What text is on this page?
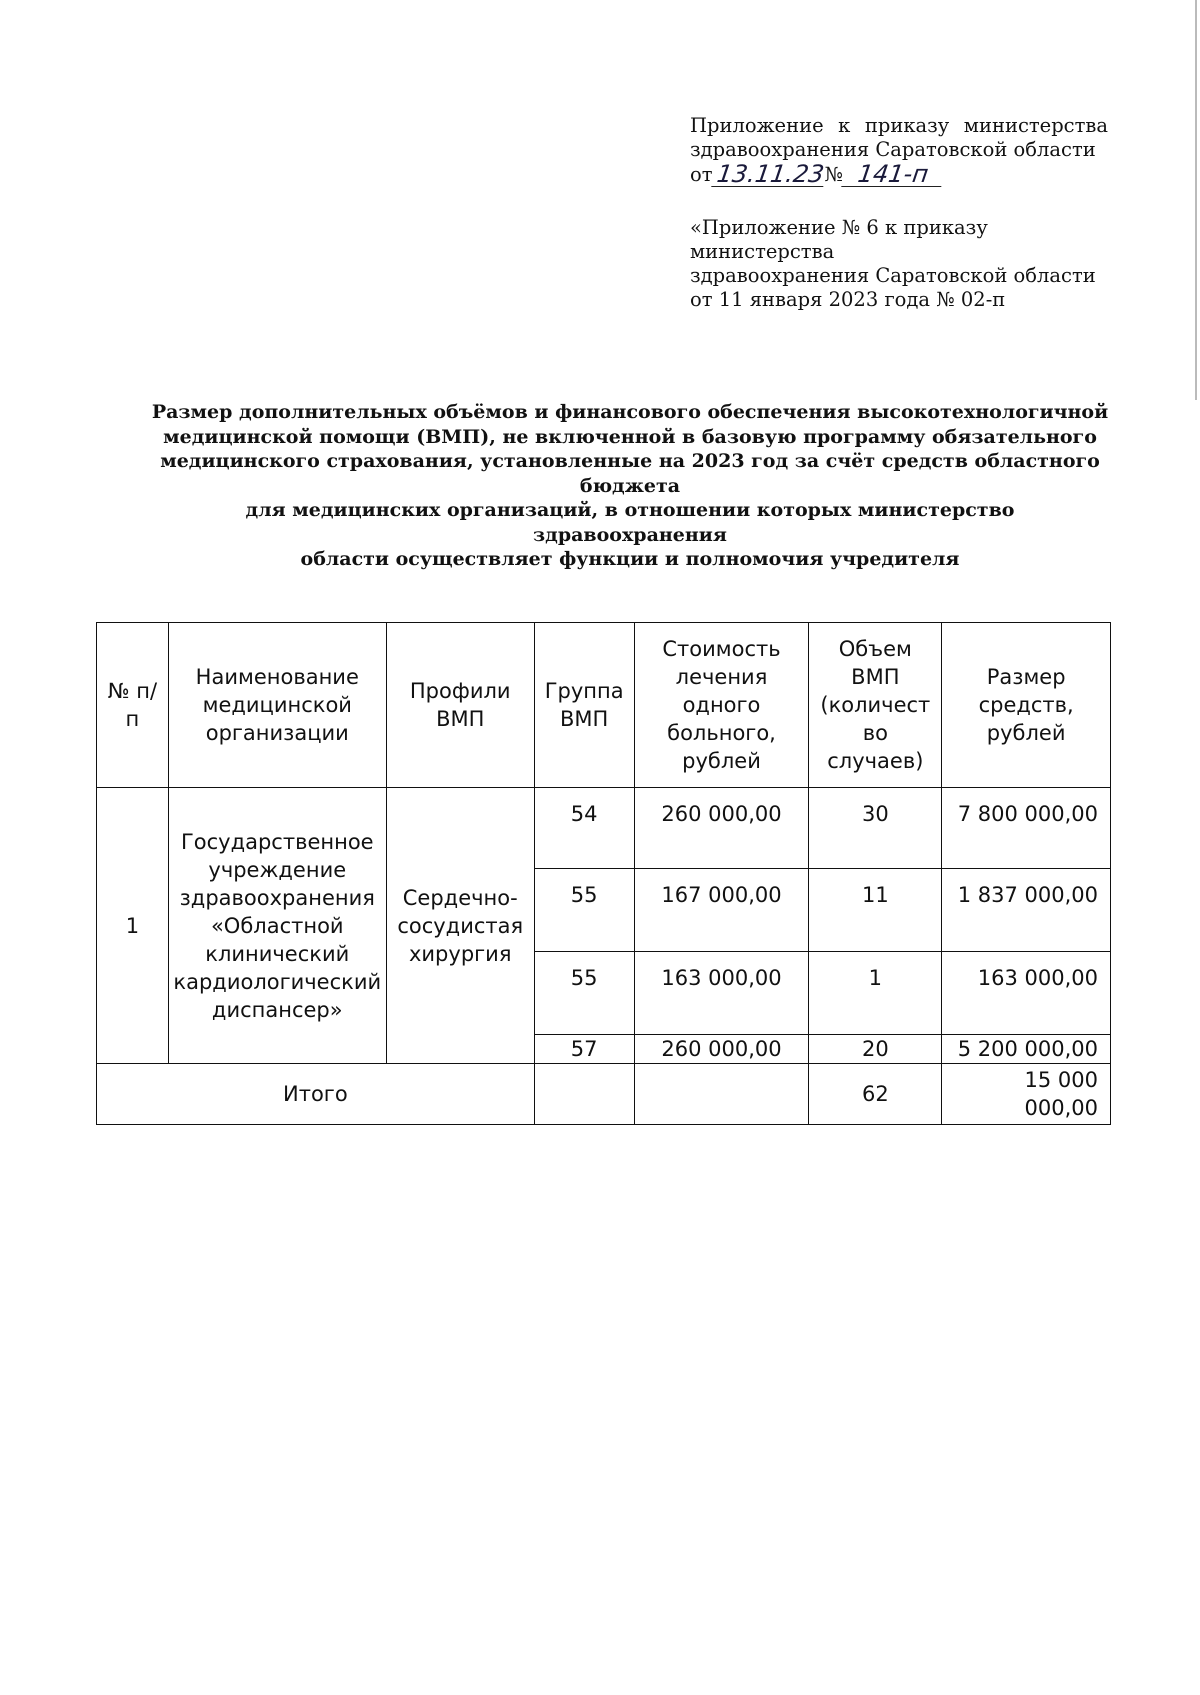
Приложение к приказу министерства
здравоохранения Саратовской области
от 13.11.23 № 141-п
«Приложение № 6 к приказу министерства
здравоохранения Саратовской области
от 11 января 2023 года № 02-п
Размер дополнительных объёмов и финансового обеспечения высокотехнологичной
медицинской помощи (ВМП), не включенной в базовую программу обязательного
медицинского страхования, установленные на 2023 год за счёт средств областного бюджета
для медицинских организаций, в отношении которых министерство здравоохранения
области осуществляет функции и полномочия учредителя
№ п/п	Наименование медицинской организации	Профили ВМП	Группа ВМП	Стоимость лечения одного больного, рублей	Объем ВМП (количест во случаев)	Размер средств, рублей
1	Государственное учреждение здравоохранения «Областной клинический кардиологический диспансер»	Сердечно-сосудистая хирургия	54	260 000,00	30	7 800 000,00
			55	167 000,00	11	1 837 000,00
			55	163 000,00	1	163 000,00
			57	260 000,00	20	5 200 000,00
Итого					62	15 000 000,00
